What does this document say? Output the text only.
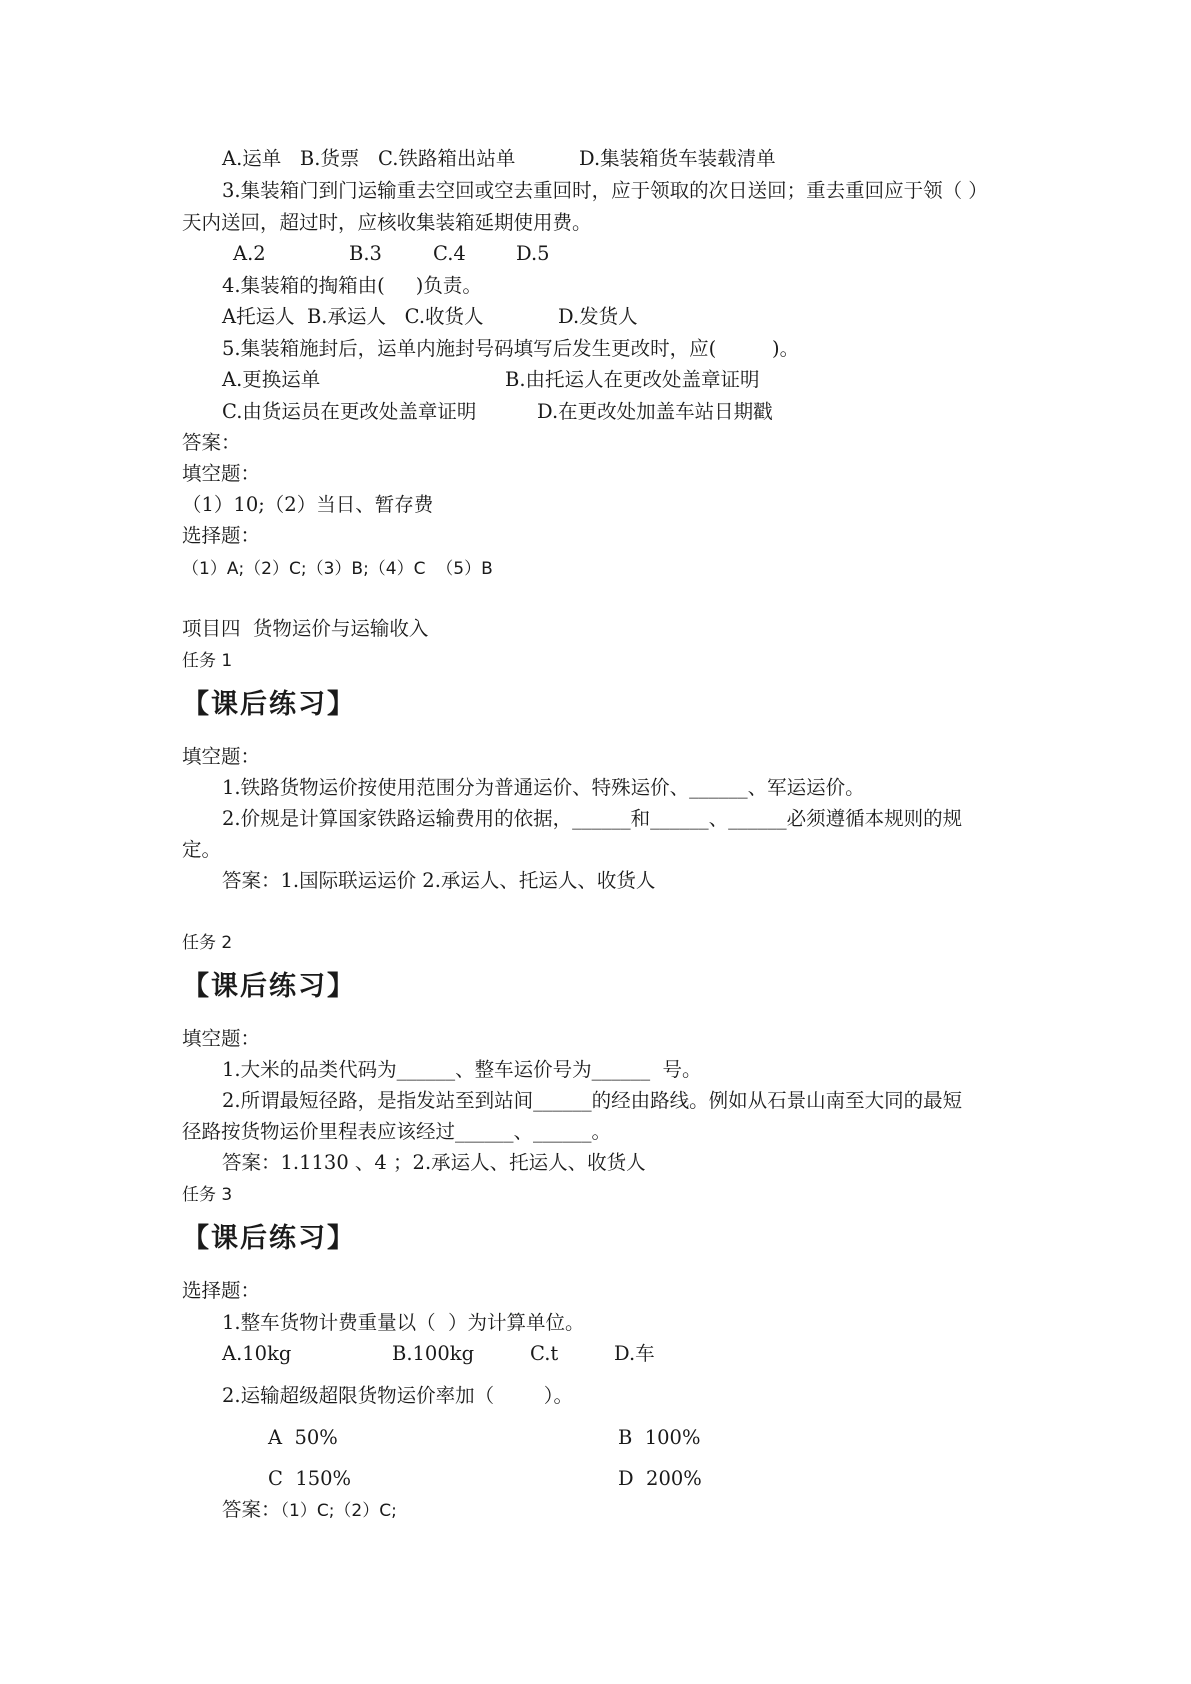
A.运单   B.货票   C.铁路箱出站单	D.集装箱货车装载清单
3.集装箱门到门运输重去空回或空去重回时，应于领取的次日送回；重去重回应于领（ ）
天内送回，超过时，应核收集装箱延期使用费。
A.2	B.3	C.4	D.5
4.集装箱的掏箱由(     )负责。
A托运人  B.承运人   C.收货人	D.发货人
5.集装箱施封后，运单内施封号码填写后发生更改时，应(         )。
A.更换运单	B.由托运人在更改处盖章证明
C.由货运员在更改处盖章证明	D.在更改处加盖车站日期戳
答案：
填空题：
（1）10;（2）当日、暂存费
选择题：
（1）A;（2）C;（3）B;（4）C  （5）B
项目四  货物运价与运输收入
任务 1
【课后练习】
填空题：
1.铁路货物运价按使用范围分为普通运价、特殊运价、______、军运运价。
2.价规是计算国家铁路运输费用的依据，______和______、______必须遵循本规则的规
定。
答案：1.国际联运运价 2.承运人、托运人、收货人
任务 2
【课后练习】
填空题：
1.大米的品类代码为______、整车运价号为______  号。
2.所谓最短径路，是指发站至到站间______的经由路线。例如从石景山南至大同的最短
径路按货物运价里程表应该经过______、______。
答案：1.1130 、4 ；2.承运人、托运人、收货人
任务 3
【课后练习】
选择题：
1.整车货物计费重量以（  ）为计算单位。
A.10kg	B.100kg	C.t	D.车
2.运输超级超限货物运价率加（        ）。
A  50%	B  100%
C  150%	D  200%
答案：（1）C;（2）C;
